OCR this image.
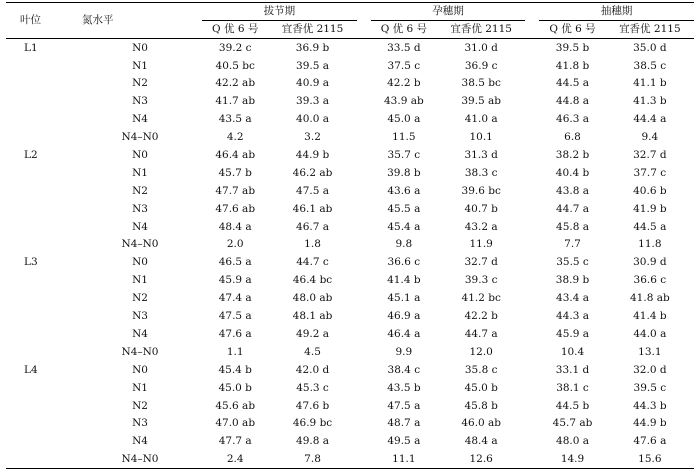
叶位	氮水平	拔节期			孕穗期			抽穗期	
		Q 优 6 号	宜香优 2115		Q 优 6 号	宜香优 2115		Q 优 6 号	宜香优 2115
L1	N0	39.2 c	36.9 b		33.5 d	31.0 d		39.5 b	35.0 d
	N1	40.5 bc	39.5 a		37.5 c	36.9 c		41.8 b	38.5 c
	N2	42.2 ab	40.9 a		42.2 b	38.5 bc		44.5 a	41.1 b
	N3	41.7 ab	39.3 a		43.9 ab	39.5 ab		44.8 a	41.3 b
	N4	43.5 a	40.0 a		45.0 a	41.0 a		46.3 a	44.4 a
	N4–N0	4.2	3.2		11.5	10.1		6.8	9.4
L2	N0	46.4 ab	44.9 b		35.7 c	31.3 d		38.2 b	32.7 d
	N1	45.7 b	46.2 ab		39.8 b	38.3 c		40.4 b	37.7 c
	N2	47.7 ab	47.5 a		43.6 a	39.6 bc		43.8 a	40.6 b
	N3	47.6 ab	46.1 ab		45.5 a	40.7 b		44.7 a	41.9 b
	N4	48.4 a	46.7 a		45.4 a	43.2 a		45.8 a	44.5 a
	N4–N0	2.0	1.8		9.8	11.9		7.7	11.8
L3	N0	46.5 a	44.7 c		36.6 c	32.7 d		35.5 c	30.9 d
	N1	45.9 a	46.4 bc		41.4 b	39.3 c		38.9 b	36.6 c
	N2	47.4 a	48.0 ab		45.1 a	41.2 bc		43.4 a	41.8 ab
	N3	47.5 a	48.1 ab		46.9 a	42.2 b		44.3 a	41.4 b
	N4	47.6 a	49.2 a		46.4 a	44.7 a		45.9 a	44.0 a
	N4–N0	1.1	4.5		9.9	12.0		10.4	13.1
L4	N0	45.4 b	42.0 d		38.4 c	35.8 c		33.1 d	32.0 d
	N1	45.0 b	45.3 c		43.5 b	45.0 b		38.1 c	39.5 c
	N2	45.6 ab	47.6 b		47.5 a	45.8 b		44.5 b	44.3 b
	N3	47.0 ab	46.9 bc		48.7 a	46.0 ab		45.7 ab	44.9 b
	N4	47.7 a	49.8 a		49.5 a	48.4 a		48.0 a	47.6 a
	N4–N0	2.4	7.8		11.1	12.6		14.9	15.6
